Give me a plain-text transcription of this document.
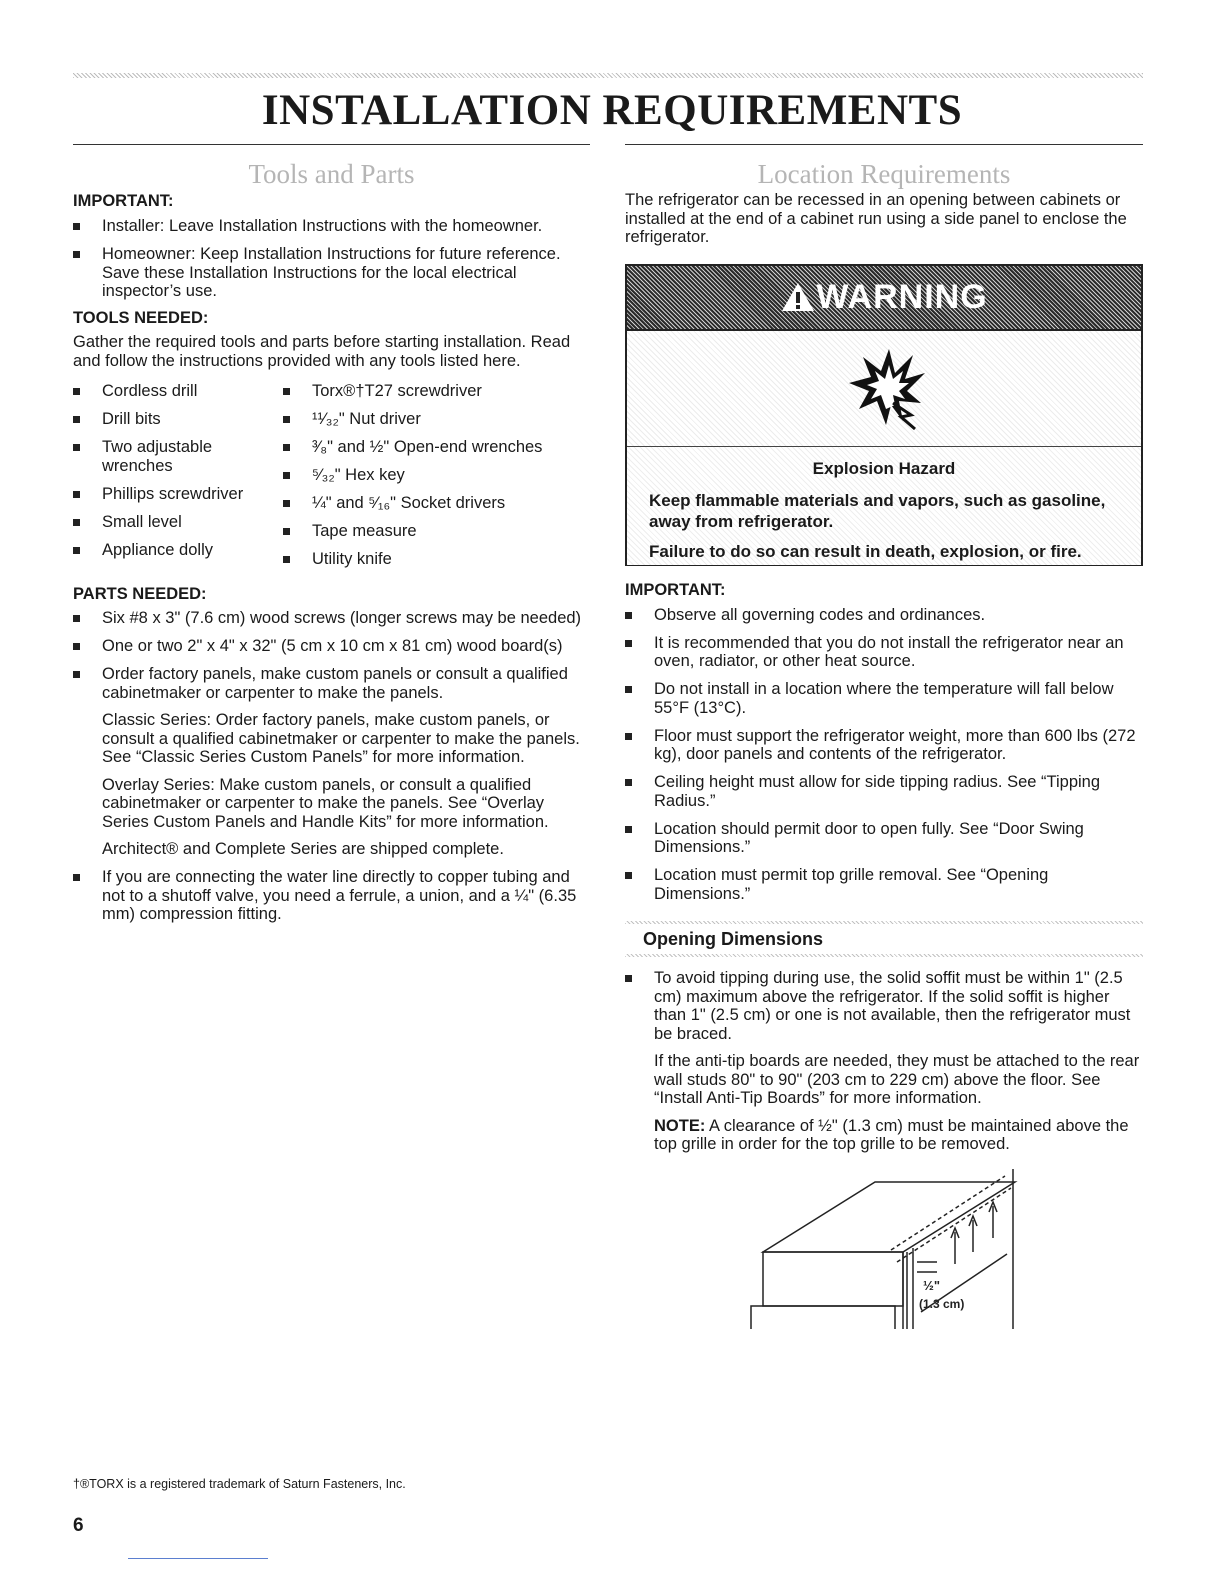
INSTALLATION REQUIREMENTS
Tools and Parts
IMPORTANT:
Installer: Leave Installation Instructions with the homeowner.
Homeowner: Keep Installation Instructions for future reference. Save these Installation Instructions for the local electrical inspector’s use.
TOOLS NEEDED:

Gather the required tools and parts before starting installation. Read and follow the instructions provided with any tools listed here.

Cordless drill
Drill bits
Two adjustable wrenches
Phillips screwdriver
Small level
Appliance dolly
Torx®†T27 screwdriver
¹¹⁄₃₂" Nut driver
³⁄₈" and ½" Open-end wrenches
⁵⁄₃₂" Hex key
¼" and ⁵⁄₁₆" Socket drivers
Tape measure
Utility knife
PARTS NEEDED:
Six #8 x 3" (7.6 cm) wood screws (longer screws may be needed)
One or two 2" x 4" x 32" (5 cm x 10 cm x 81 cm) wood board(s)
Order factory panels, make custom panels or consult a qualified cabinetmaker or carpenter to make the panels.

Classic Series: Order factory panels, make custom panels, or consult a qualified cabinetmaker or carpenter to make the panels. See “Classic Series Custom Panels” for more information.

Overlay Series: Make custom panels, or consult a qualified cabinetmaker or carpenter to make the panels. See “Overlay Series Custom Panels and Handle Kits” for more information.

Architect® and Complete Series are shipped complete.

If you are connecting the water line directly to copper tubing and not to a shutoff valve, you need a ferrule, a union, and a ¼" (6.35 mm) compression fitting.
Location Requirements

The refrigerator can be recessed in an opening between cabinets or installed at the end of a cabinet run using a side panel to enclose the refrigerator.

WARNING
Explosion Hazard
Keep flammable materials and vapors, such as gasoline, away from refrigerator.
Failure to do so can result in death, explosion, or fire.
IMPORTANT:
Observe all governing codes and ordinances.
It is recommended that you do not install the refrigerator near an oven, radiator, or other heat source.
Do not install in a location where the temperature will fall below 55°F (13°C).
Floor must support the refrigerator weight, more than 600 lbs (272 kg), door panels and contents of the refrigerator.
Ceiling height must allow for side tipping radius. See “Tipping Radius.”
Location should permit door to open fully. See “Door Swing Dimensions.”
Location must permit top grille removal. See “Opening Dimensions.”
Opening Dimensions
To avoid tipping during use, the solid soffit must be within 1" (2.5 cm) maximum above the refrigerator. If the solid soffit is higher than 1" (2.5 cm) or one is not available, then the refrigerator must be braced.

If the anti-tip boards are needed, they must be attached to the rear wall studs 80" to 90" (203 cm to 229 cm) above the floor. See “Install Anti-Tip Boards” for more information.

NOTE: A clearance of ½" (1.3 cm) must be maintained above the top grille in order for the top grille to be removed.

½"
(1.3 cm)
†®TORX is a registered trademark of Saturn Fasteners, Inc.
6
